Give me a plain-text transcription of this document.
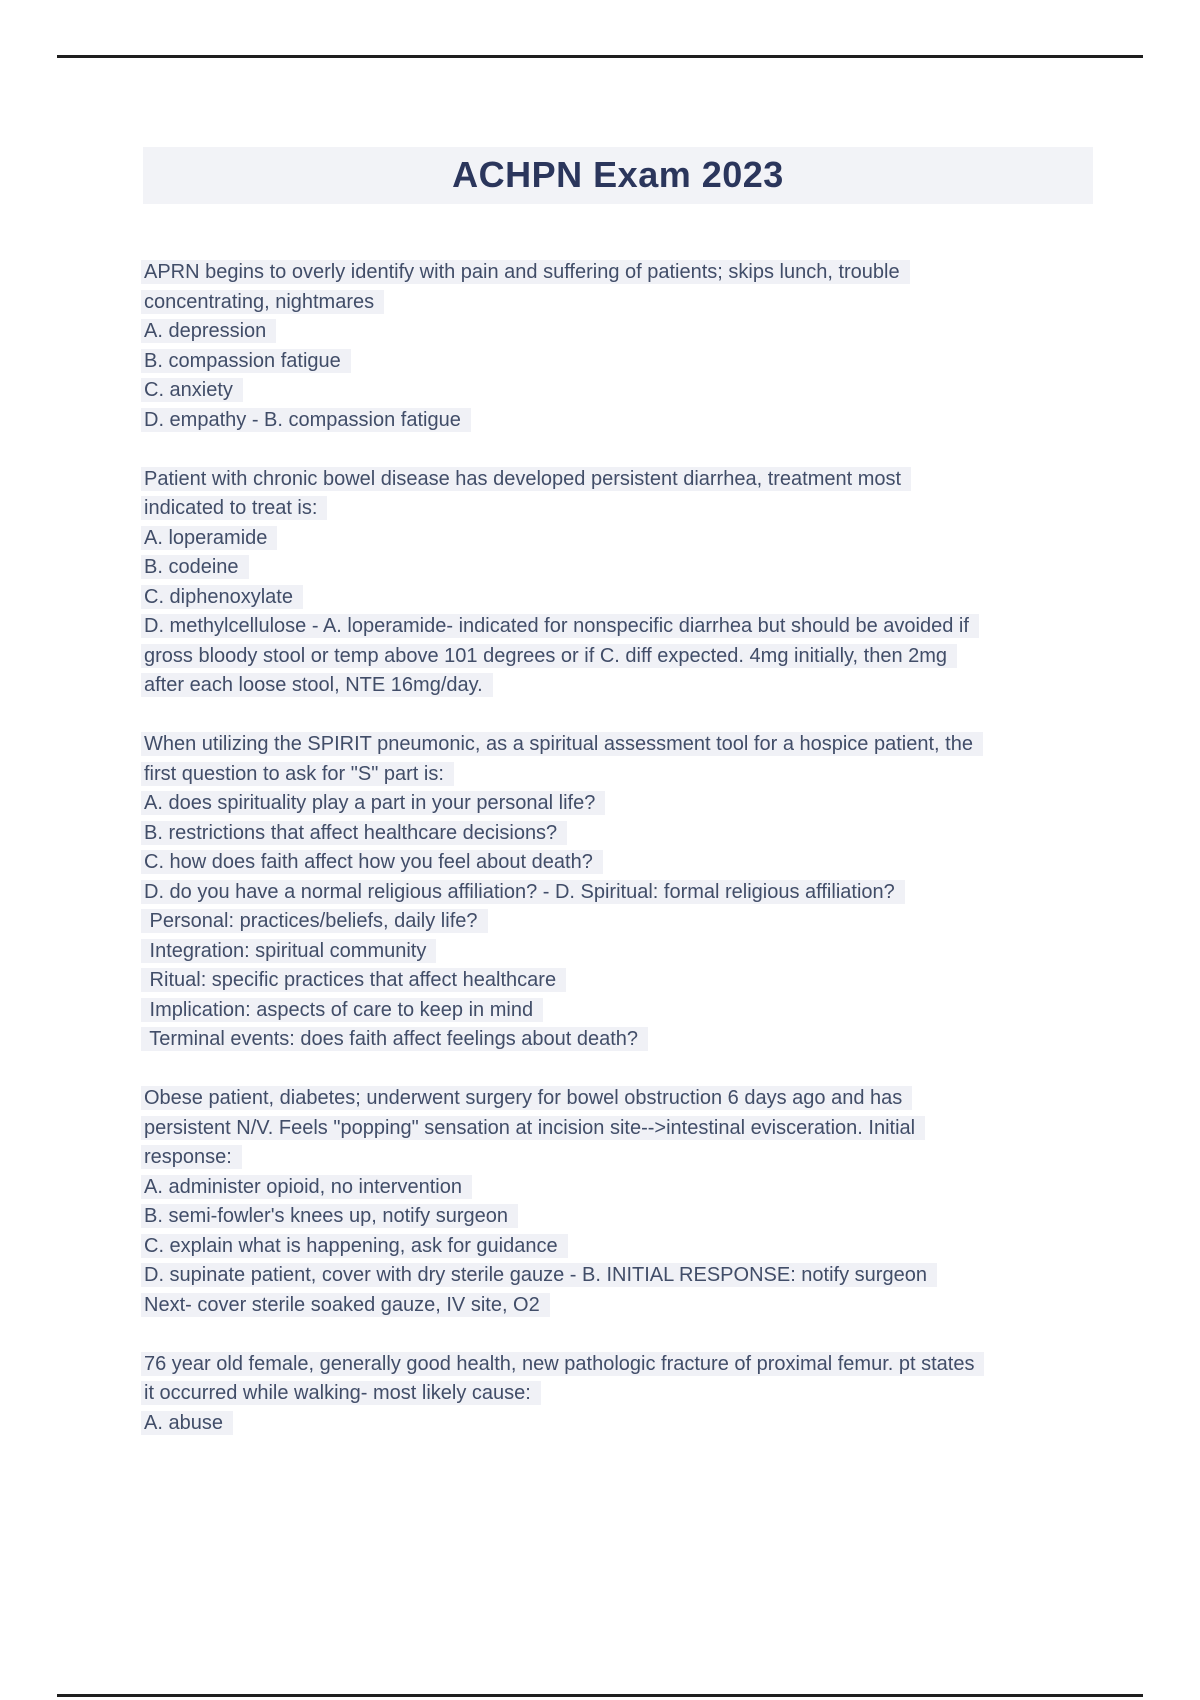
ACHPN Exam 2023
APRN begins to overly identify with pain and suffering of patients; skips lunch, trouble
concentrating, nightmares
A. depression
B. compassion fatigue
C. anxiety
D. empathy - B. compassion fatigue
Patient with chronic bowel disease has developed persistent diarrhea, treatment most
indicated to treat is:
A. loperamide
B. codeine
C. diphenoxylate
D. methylcellulose - A. loperamide- indicated for nonspecific diarrhea but should be avoided if
gross bloody stool or temp above 101 degrees or if C. diff expected. 4mg initially, then 2mg
after each loose stool, NTE 16mg/day.
When utilizing the SPIRIT pneumonic, as a spiritual assessment tool for a hospice patient, the
first question to ask for "S" part is:
A. does spirituality play a part in your personal life?
B. restrictions that affect healthcare decisions?
C. how does faith affect how you feel about death?
D. do you have a normal religious affiliation? - D. Spiritual: formal religious affiliation?
Personal: practices/beliefs, daily life?
Integration: spiritual community
Ritual: specific practices that affect healthcare
Implication: aspects of care to keep in mind
Terminal events: does faith affect feelings about death?
Obese patient, diabetes; underwent surgery for bowel obstruction 6 days ago and has
persistent N/V. Feels "popping" sensation at incision site-->intestinal evisceration. Initial
response:
A. administer opioid, no intervention
B. semi-fowler's knees up, notify surgeon
C. explain what is happening, ask for guidance
D. supinate patient, cover with dry sterile gauze - B. INITIAL RESPONSE: notify surgeon
Next- cover sterile soaked gauze, IV site, O2
76 year old female, generally good health, new pathologic fracture of proximal femur. pt states
it occurred while walking- most likely cause:
A. abuse
